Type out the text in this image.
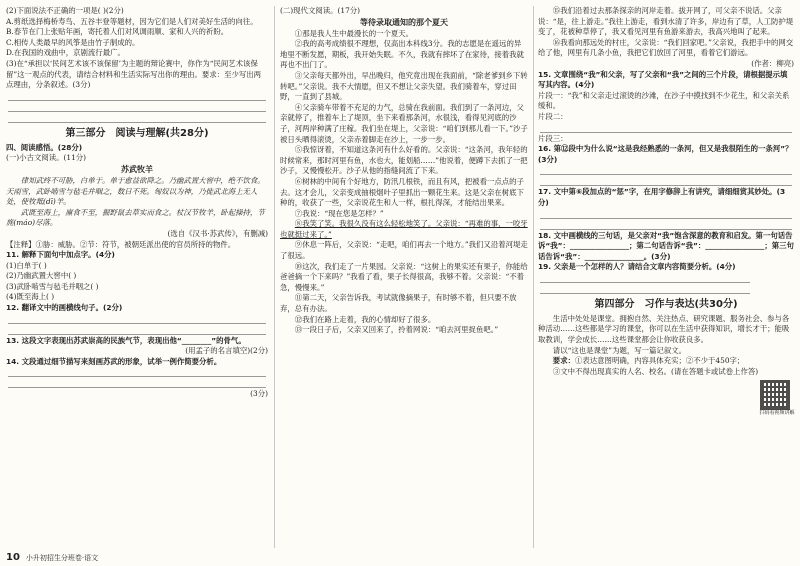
(2)下面说法不正确的一项是( )(2分)

A.剪纸选择梅桥寿鸟、五谷丰登等题材，因为它们是人们对美好生活的向往。

B.春节在门上张贴年画，寄托着人们对风调雨顺、家和人兴的祈盼。

C.相传人类最早的风筝是由竹子制成的。

D.在我国的戏曲中，京剧流行最广。

(3)在“承担以‘民间艺术该不该保留’为主题的辩论赛中，你作为“民间艺术该保留”这一观点的代表，请结合材料和生活实际写出你的理由。要求：至少写出两点理由，分条叙述。(3分)

第三部分　阅读与理解(共28分)

四、阅读感悟。(28分)

(一)小古文阅读。(11分)

苏武牧羊

律知武终不可胁，白单于。单于愈益欲降之。乃幽武置大窖中，绝不饮食。天雨雪，武卧啮雪与毡毛并咽之，数日不死。匈奴以为神，乃徙武北海上无人处，使牧羝(dī)羊。

武既至海上，廪食不至，掘野鼠去草实而食之。杖汉节牧羊，卧起操持，节旄(máo)尽落。

(选自《汉书·苏武传》，有删减)

【注释】①胁：威胁。②节：符节，被朝廷派出使的官员所持的物件。

11. 解释下面句中加点字。(4分)

(1)白单于( )

(2)乃幽武置大窖中( )

(3)武卧啮雪与毡毛并咽之( )

(4)既至海上( )

12. 翻译文中的画横线句子。(2分)

13. 这段文字表现出苏武崇高的民族气节，表现出他“________”的骨气。

(用孟子的名言填空)(2分)

14. 文段通过细节描写来刻画苏武的形象，试举一例作简要分析。

(3分)

(二)现代文阅读。(17分)

等待录取通知的那个夏天

①那是我人生中最漫长的一个夏天。

②我的高考成绩很不理想，仅高出本科线3分。我的志愿是在遥远的异地里不断发愿，期板，我开始失眠。不久，我就有摔坏了在家待，接着我就再也不出门了。

③父亲每天都外出，早出晚归，他究竟出现在我面前，“除老爹到乡下转转吧。”父亲说。我不大情愿，但又不想让父亲失望。我们骑着车，穿过田野，一直到了县城。

④父亲骑车带着不充足的力气，总骑在我前面。我们到了一条河边，父亲就停了，推着车上了堤顶，坐下来看那条河，水很浅，看得见河底的沙子，河两岸种满了庄稼。我们坐在堤上，父亲说：“咱们到那儿看一下。”沙子被日头晒得滚烫，父亲赤着脚走在沙上，一步一步。

⑤我惊讶着，不知道这条河有什么好看的。父亲说：“这条河，我年轻的时候常来，那时河里有鱼，水也大，能划船……”他说着，便蹲下去抓了一把沙子，又慢慢松开。沙子从他的指缝间流了下来。

⑥树林的中间有个好地方，防汛几根铁，而且有风，把被看一点点的子去。这才会儿，父亲变成抽根烟叶子里抓出一颗花生来。这是父亲在树底下种的，收获了一些，父亲说花生和人一样，根扎得深，才能结出果来。

⑦我说：“现在您是怎样？”

⑧我笑了笑。我很久没有这么轻松地笑了。父亲说：“再难的事，一咬牙也就挺过来了。”

⑨休息一阵后，父亲说：“走吧，咱们再去一个地方。”我们又沿着河堤走了很远。

⑩这次，我们走了一片果园。父亲说：“这树上的果实还有果子，你能给爸爸摘一个下来吗？”我看了看，果子长得很高，我够不着。父亲说：“不着急，慢慢来。”

⑪第二天，父亲告诉我，考试就像摘果子，有时够不着，但只要不放弃，总有办法。

⑫我们在路上走着，我的心情却好了很多。

⑬一段日子后，父亲又回来了，拎着网说：“咱去河里捉鱼吧。”

⑮我们沿着过去那条探亲的河岸走着。拔开网了，可父亲不说话。父亲说：“是，往上游走。”我往上游走，看到水清了许多，岸边有了草，人工防护堤变了，花被种草停了，我又看见河里有鱼游来游去，我高兴地叫了起来。

⑯我看向那远处的村庄，父亲说：“我们回家吧。”父亲说，我把手中的网交给了他，网里有几条小鱼，我把它们放回了河里，看着它们游远。

(作者：柳亮)

15. 文章围绕“我”和父亲，写了父亲和“我”之间的三个片段，请根据提示填写其内容。(4分)

片段一：“我”和父亲走过滚烫的沙滩，在沙子中摸找到不少花生，和父亲关系缓和。

片段二：

片段三：

16. 第⑫段中为什么说“这是我经熟悉的一条河，但又是我很陌生的一条河”？(3分)

17. 文中第⑥段加点的“惩”字，在用字修辞上有讲究，请细细赏其妙处。(3分)

18. 文中画横线的三句话，是父亲对“我”饱含深意的教育和启发。第一句话告诉“我”：________________；第二句话告诉“我”：________________；第三句话告诉“我”：________________。(3分)

19. 父亲是一个怎样的人？请结合文章内容简要分析。(4分)

第四部分　习作与表达(共30分)

生活中处处是课堂。拥抱自然、关注热点、研究课题、服务社会、参与各种活动……这些都是学习的课堂，你可以在生活中获得知识，增长才干；能吸取教训，学会成长……这些课堂都会让你收获良多。

请以“这也是课堂”为题，写一篇记叙文。

要求：①表达意图明确，内容具体充实；②不少于450字；

③文中不得出现真实的人名、校名。(请在答题卡或试卷上作答)

扫码看视频讲解
10 小升初招生分班卷·语文
